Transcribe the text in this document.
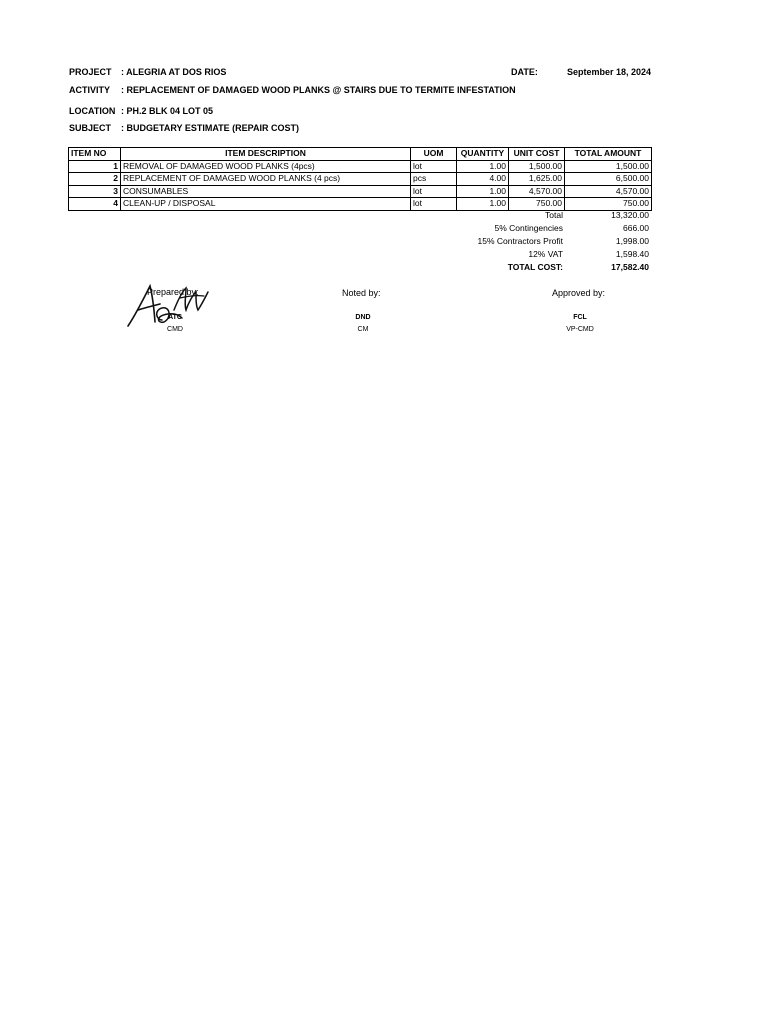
PROJECT : ALEGRIA AT DOS RIOS	DATE:	September 18, 2024
ACTIVITY : REPLACEMENT OF DAMAGED WOOD PLANKS @ STAIRS DUE TO TERMITE INFESTATION
LOCATION : PH.2 BLK 04 LOT 05
SUBJECT : BUDGETARY ESTIMATE (REPAIR COST)
ITEM NO	ITEM DESCRIPTION	UOM	QUANTITY	UNIT COST	TOTAL AMOUNT
1	REMOVAL OF DAMAGED WOOD PLANKS (4pcs)	lot	1.00	1,500.00	1,500.00
2	REPLACEMENT OF DAMAGED WOOD PLANKS (4 pcs)	pcs	4.00	1,625.00	6,500.00
3	CONSUMABLES	lot	1.00	4,570.00	4,570.00
4	CLEAN-UP / DISPOSAL	lot	1.00	750.00	750.00
Total	13,320.00
5% Contingencies	666.00
15% Contractors Profit	1,998.00
12% VAT	1,598.40
TOTAL COST:	17,582.40
Prepared by:	Noted by:	Approved by:
ATC
CMD
DND
CM
FCL
VP-CMD
